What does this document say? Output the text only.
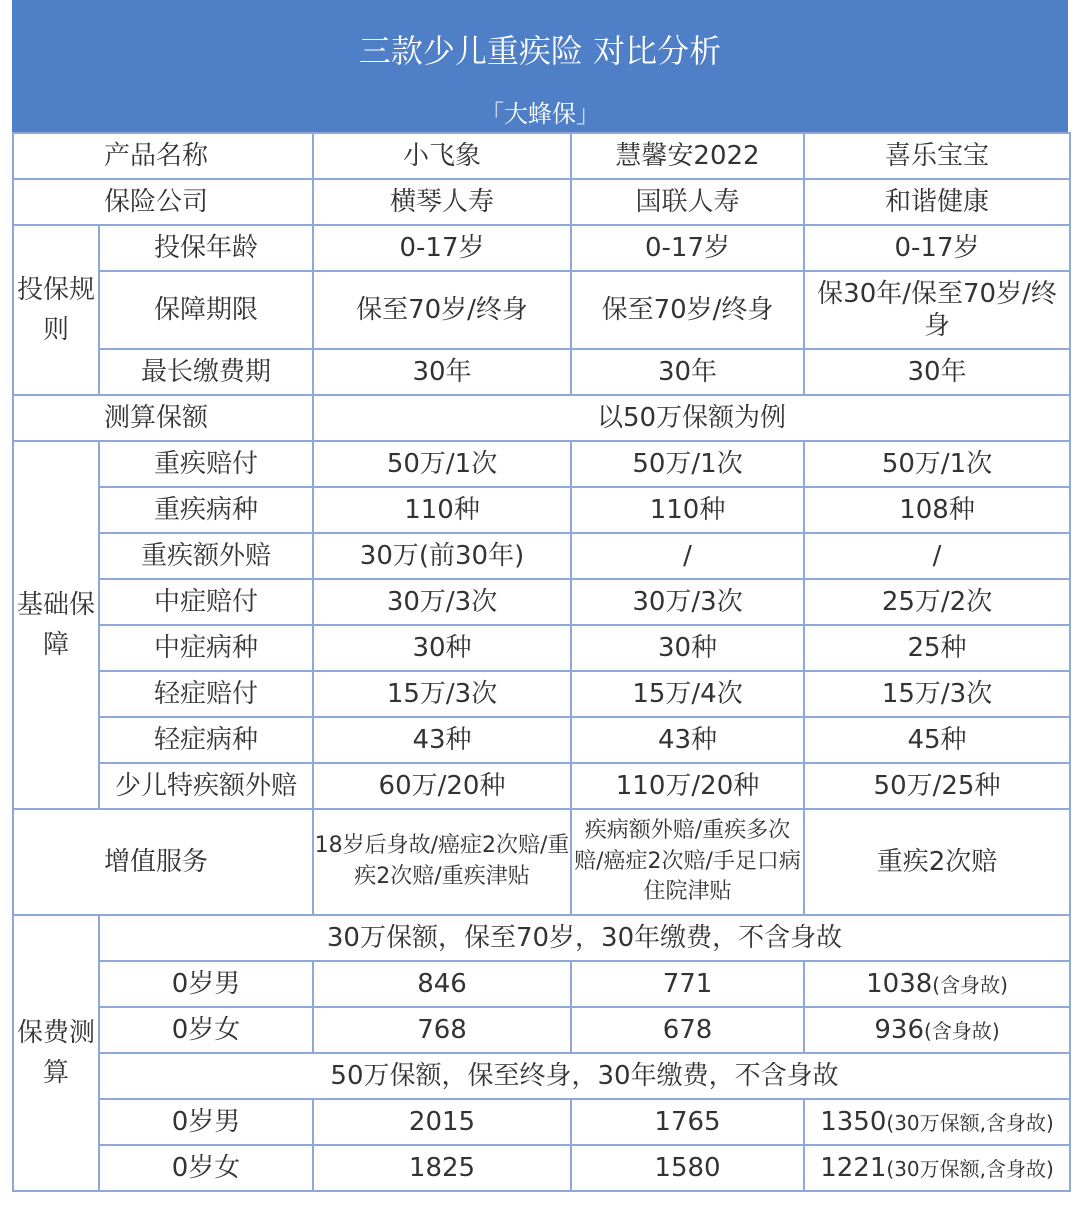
三款少儿重疾险 对比分析
「大蜂保」
产品名称		小飞象	慧馨安2022	喜乐宝宝
保险公司		横琴人寿	国联人寿	和谐健康
投保规则	投保年龄	0-17岁	0-17岁	0-17岁
	保障期限	保至70岁/终身	保至70岁/终身	保30年/保至70岁/终身
	最长缴费期	30年	30年	30年
测算保额		以50万保额为例		
基础保障	重疾赔付	50万/1次	50万/1次	50万/1次
	重疾病种	110种	110种	108种
	重疾额外赔	30万(前30年)	/	/
	中症赔付	30万/3次	30万/3次	25万/2次
	中症病种	30种	30种	25种
	轻症赔付	15万/3次	15万/4次	15万/3次
	轻症病种	43种	43种	45种
	少儿特疾额外赔	60万/20种	110万/20种	50万/25种
增值服务		18岁后身故/癌症2次赔/重疾2次赔/重疾津贴	疾病额外赔/重疾多次赔/癌症2次赔/手足口病住院津贴	重疾2次赔
保费测算	30万保额，保至70岁，30年缴费，不含身故			
	0岁男	846	771	1038(含身故)
	0岁女	768	678	936(含身故)
	50万保额，保至终身，30年缴费，不含身故			
	0岁男	2015	1765	1350(30万保额,含身故)
	0岁女	1825	1580	1221(30万保额,含身故)
